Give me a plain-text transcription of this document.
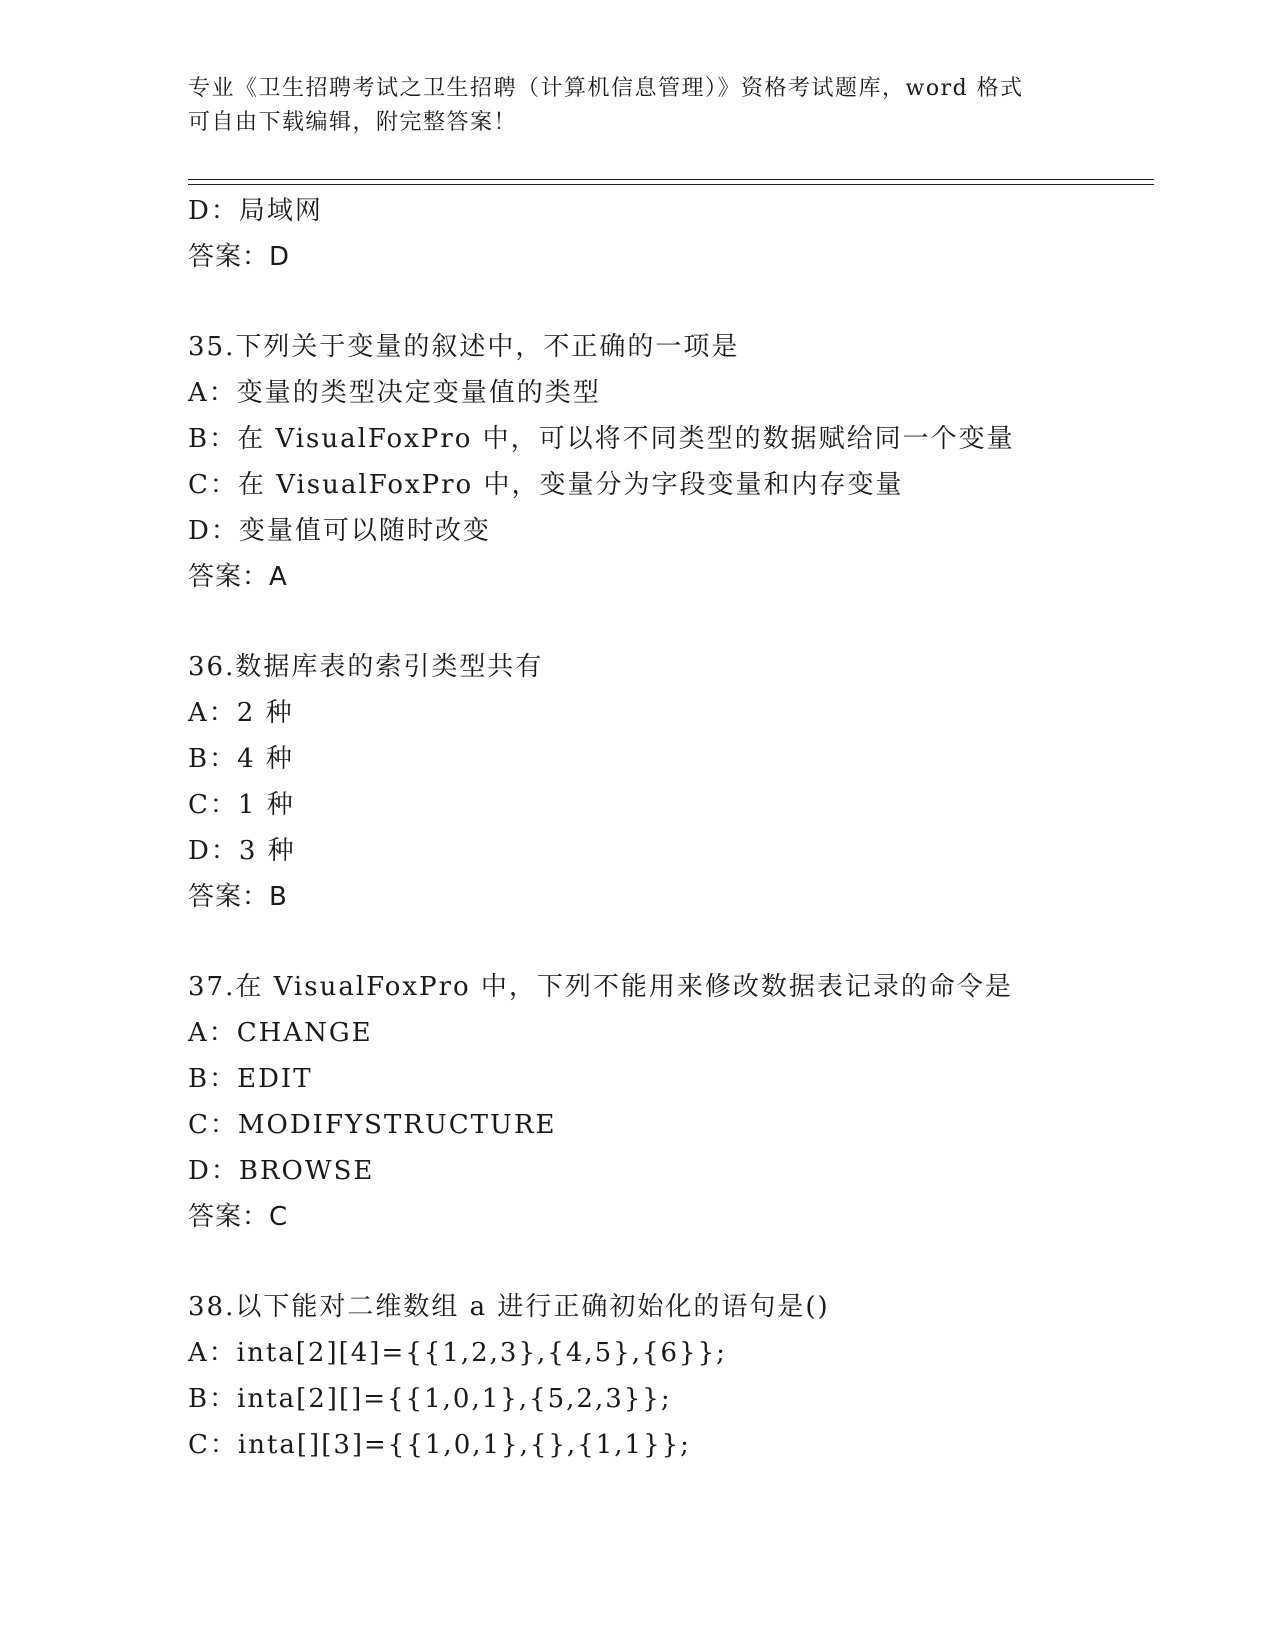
专业《卫生招聘考试之卫生招聘（计算机信息管理）》资格考试题库，word 格式
可自由下载编辑，附完整答案！
D：局域网
答案：D
35.下列关于变量的叙述中，不正确的一项是
A：变量的类型决定变量值的类型
B：在 VisualFoxPro 中，可以将不同类型的数据赋给同一个变量
C：在 VisualFoxPro 中，变量分为字段变量和内存变量
D：变量值可以随时改变
答案：A
36.数据库表的索引类型共有
A：2 种
B：4 种
C：1 种
D：3 种
答案：B
37.在 VisualFoxPro 中，下列不能用来修改数据表记录的命令是
A：CHANGE
B：EDIT
C：MODIFYSTRUCTURE
D：BROWSE
答案：C
38.以下能对二维数组 a 进行正确初始化的语句是()
A：inta[2][4]={{1,2,3},{4,5},{6}};
B：inta[2][]={{1,0,1},{5,2,3}};
C：inta[][3]={{1,0,1},{},{1,1}};
